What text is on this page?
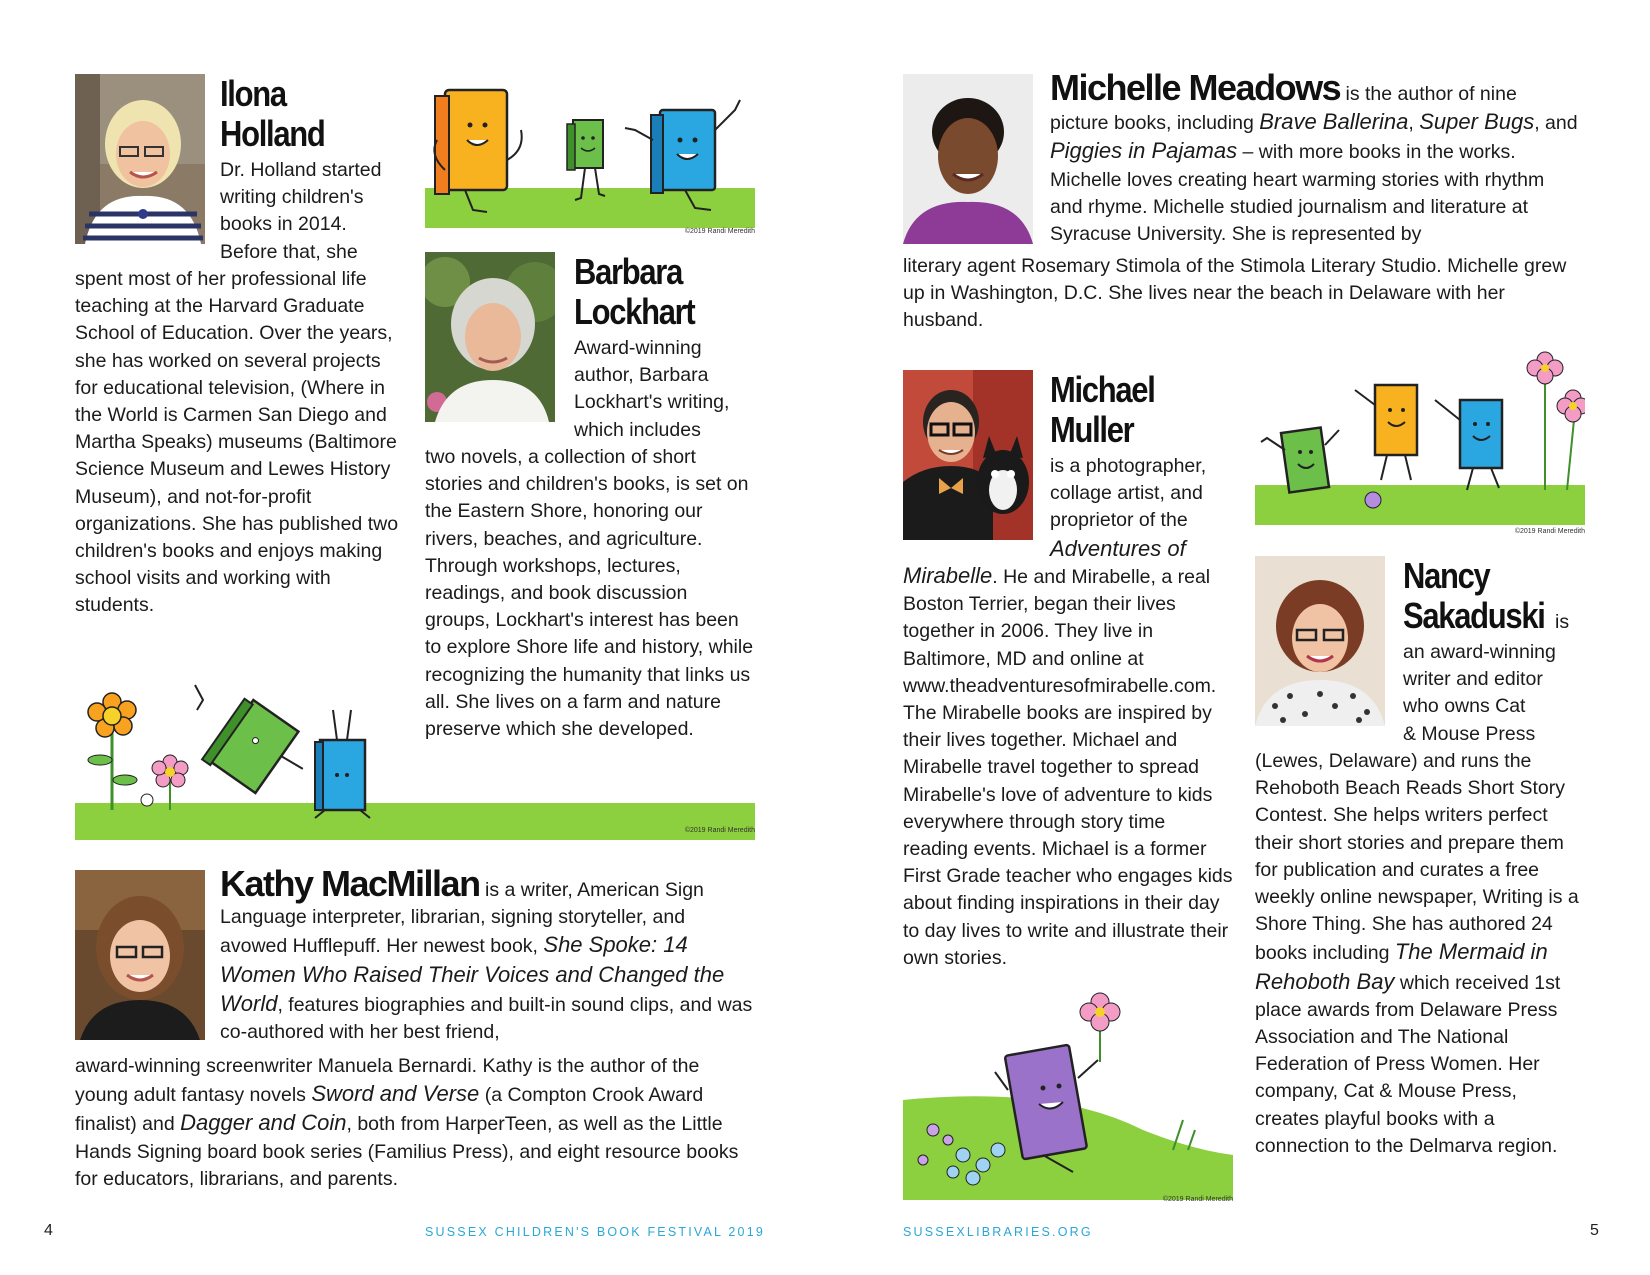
Ilona
Holland
Dr. Holland started
writing children's
books in 2014.
Before that, she
spent most of her professional life teaching at the Harvard Graduate School of Education. Over the years, she has worked on several projects for educational television, (Where in the World is Carmen San Diego and Martha Speaks) museums (Baltimore Science Museum and Lewes History Museum), and not-for-profit organizations. She has published two children's books and enjoys making school visits and working with students.
©2019 Randi Meredith
Barbara
Lockhart
Award-winning
author, Barbara
Lockhart's writing,
which includes
two novels, a collection of short stories and children's books, is set on the Eastern Shore, honoring our rivers, beaches, and agriculture. Through workshops, lectures, readings, and book discussion groups, Lockhart's interest has been to explore Shore life and history, while recognizing the humanity that links us all. She lives on a farm and nature preserve which she developed.
©2019 Randi Meredith
Kathy MacMillan is a writer, American Sign Language interpreter, librarian, signing storyteller, and avowed Hufflepuff. Her newest book, She Spoke: 14 Women Who Raised Their Voices and Changed the World, features biographies and built-in sound clips, and was co-authored with her best friend,
award-winning screenwriter Manuela Bernardi. Kathy is the author of the young adult fantasy novels Sword and Verse (a Compton Crook Award finalist) and Dagger and Coin, both from HarperTeen, as well as the Little Hands Signing board book series (Familius Press), and eight resource books for educators, librarians, and parents.
4	SUSSEX CHILDREN'S BOOK FESTIVAL 2019
Michelle Meadows is the author of nine picture books, including Brave Ballerina, Super Bugs, and Piggies in Pajamas – with more books in the works. Michelle loves creating heart warming stories with rhythm and rhyme. Michelle studied journalism and literature at Syracuse University. She is represented by
literary agent Rosemary Stimola of the Stimola Literary Studio. Michelle grew up in Washington, D.C. She lives near the beach in Delaware with her husband.
Michael
Muller
is a photographer,
collage artist, and
proprietor of the
Adventures of
Mirabelle. He and Mirabelle, a real Boston Terrier, began their lives together in 2006. They live in Baltimore, MD and online at www.theadventuresofmirabelle.com. The Mirabelle books are inspired by their lives together. Michael and Mirabelle travel together to spread Mirabelle's love of adventure to kids everywhere through story time reading events. Michael is a former First Grade teacher who engages kids about finding inspirations in their day to day lives to write and illustrate their own stories.
©2019 Randi Meredith
Nancy
Sakaduski is
an award-winning
writer and editor
who owns Cat
& Mouse Press
(Lewes, Delaware) and runs the Rehoboth Beach Reads Short Story Contest. She helps writers perfect their short stories and prepare them for publication and curates a free weekly online newspaper, Writing is a Shore Thing. She has authored 24 books including The Mermaid in Rehoboth Bay which received 1st place awards from Delaware Press Association and The National Federation of Press Women. Her company, Cat & Mouse Press, creates playful books with a connection to the Delmarva region.
©2019 Randi Meredith
SUSSEXLIBRARIES.ORG	5
